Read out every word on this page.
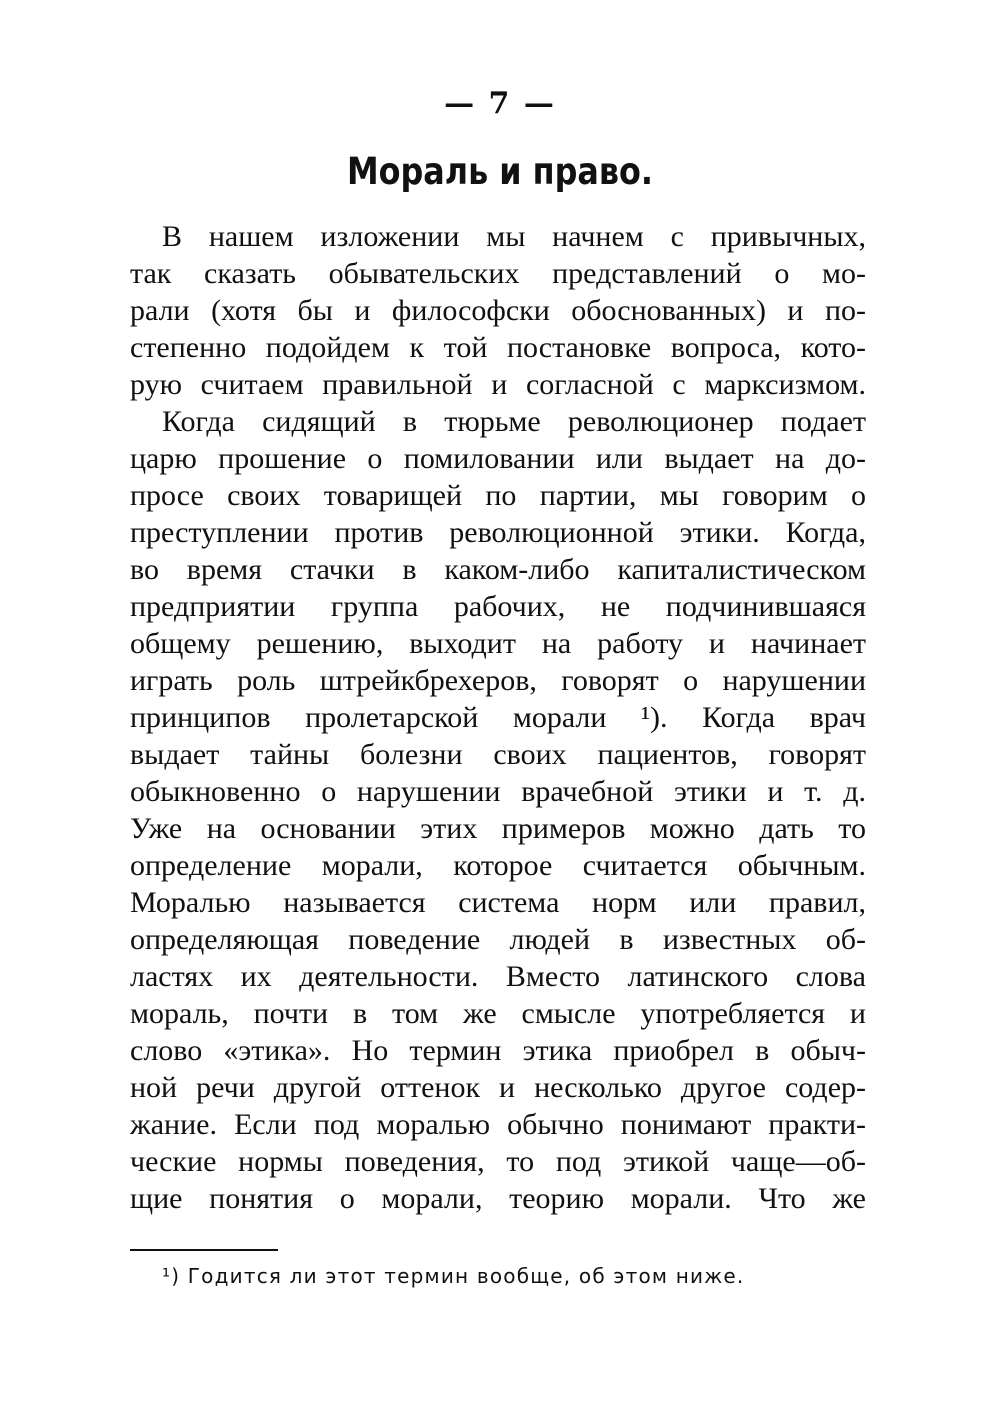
— 7 —
Мораль и право.
В нашем изложении мы начнем с привычных,
так сказать обывательских представлений о мо-
рали (хотя бы и философски обоснованных) и по-
степенно подойдем к той постановке вопроса, кото-
рую считаем правильной и согласной с марксизмом.
Когда сидящий в тюрьме революционер подает
царю прошение о помиловании или выдает на до-
просе своих товарищей по партии, мы говорим о
преступлении против революционной этики. Когда,
во время стачки в каком-либо капиталистическом
предприятии группа рабочих, не подчинившаяся
общему решению, выходит на работу и начинает
играть роль штрейкбрехеров, говорят о нарушении
принципов пролетарской морали ¹). Когда врач
выдает тайны болезни своих пациентов, говорят
обыкновенно о нарушении врачебной этики и т. д.
Уже на основании этих примеров можно дать то
определение морали, которое считается обычным.
Моралью называется система норм или правил,
определяющая поведение людей в известных об-
ластях их деятельности. Вместо латинского слова
мораль, почти в том же смысле употребляется и
слово «этика». Но термин этика приобрел в обыч-
ной речи другой оттенок и несколько другое содер-
жание. Если под моралью обычно понимают практи-
ческие нормы поведения, то под этикой чаще—об-
щие понятия о морали, теорию морали. Что же
¹) Годится ли этот термин вообще, об этом ниже.
